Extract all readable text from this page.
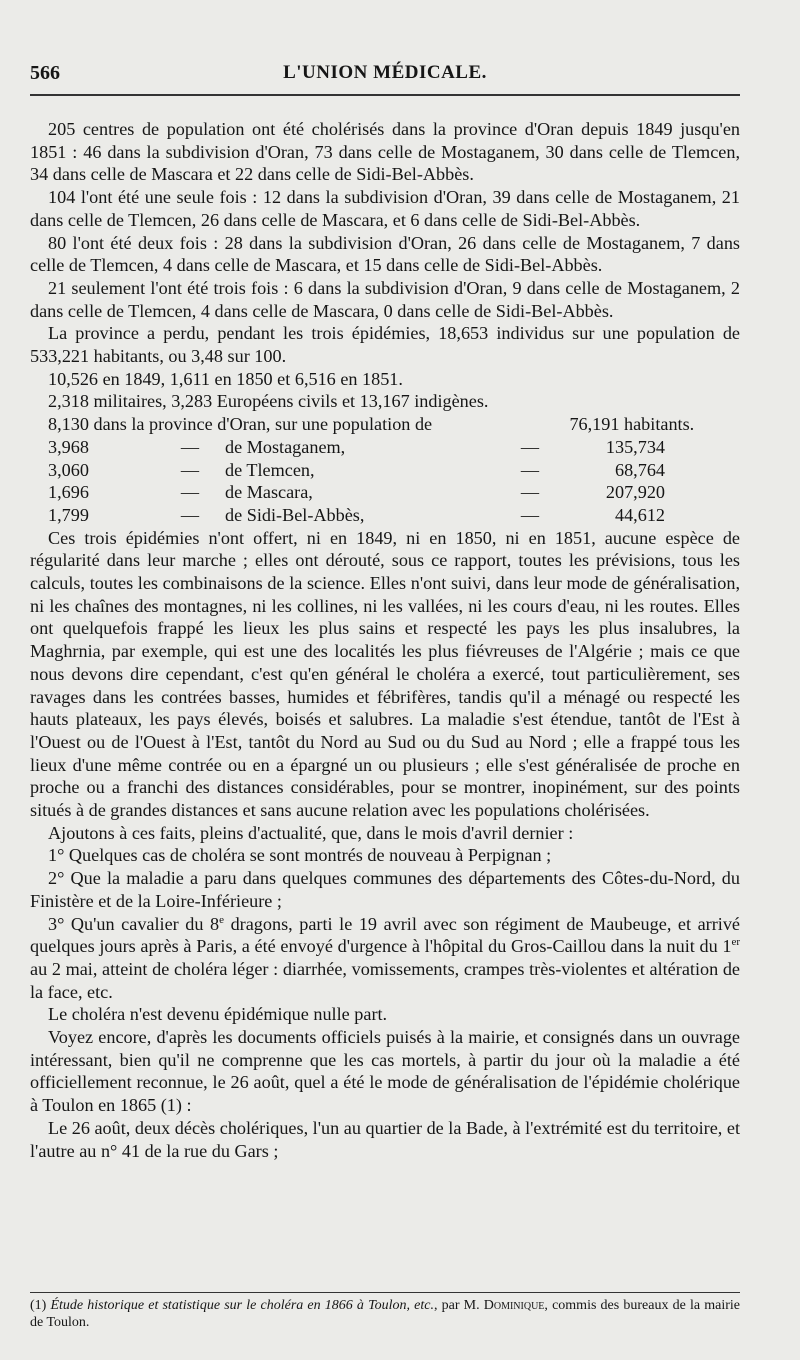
566	L'UNION MÉDICALE.

205 centres de population ont été cholérisés dans la province d'Oran depuis 1849 jusqu'en 1851 : 46 dans la subdivision d'Oran, 73 dans celle de Mostaganem, 30 dans celle de Tlemcen, 34 dans celle de Mascara et 22 dans celle de Sidi-Bel-Abbès.

104 l'ont été une seule fois : 12 dans la subdivision d'Oran, 39 dans celle de Mostaganem, 21 dans celle de Tlemcen, 26 dans celle de Mascara, et 6 dans celle de Sidi-Bel-Abbès.

80 l'ont été deux fois : 28 dans la subdivision d'Oran, 26 dans celle de Mostaganem, 7 dans celle de Tlemcen, 4 dans celle de Mascara, et 15 dans celle de Sidi-Bel-Abbès.

21 seulement l'ont été trois fois : 6 dans la subdivision d'Oran, 9 dans celle de Mostaganem, 2 dans celle de Tlemcen, 4 dans celle de Mascara, 0 dans celle de Sidi-Bel-Abbès.

La province a perdu, pendant les trois épidémies, 18,653 individus sur une population de 533,221 habitants, ou 3,48 sur 100.

10,526 en 1849, 1,611 en 1850 et 6,516 en 1851.

2,318 militaires, 3,283 Européens civils et 13,167 indigènes.

8,130 dans la province d'Oran, sur une population de	76,191 habitants.
3,968	—	de Mostaganem,	—	135,734
3,060	—	de Tlemcen,	—	68,764
1,696	—	de Mascara,	—	207,920
1,799	—	de Sidi-Bel-Abbès,	—	44,612

Ces trois épidémies n'ont offert, ni en 1849, ni en 1850, ni en 1851, aucune espèce de régularité dans leur marche ; elles ont dérouté, sous ce rapport, toutes les prévisions, tous les calculs, toutes les combinaisons de la science. Elles n'ont suivi, dans leur mode de généralisation, ni les chaînes des montagnes, ni les collines, ni les vallées, ni les cours d'eau, ni les routes. Elles ont quelquefois frappé les lieux les plus sains et respecté les pays les plus insalubres, la Maghrnia, par exemple, qui est une des localités les plus fiévreuses de l'Algérie ; mais ce que nous devons dire cependant, c'est qu'en général le choléra a exercé, tout particulièrement, ses ravages dans les contrées basses, humides et fébrifères, tandis qu'il a ménagé ou respecté les hauts plateaux, les pays élevés, boisés et salubres. La maladie s'est étendue, tantôt de l'Est à l'Ouest ou de l'Ouest à l'Est, tantôt du Nord au Sud ou du Sud au Nord ; elle a frappé tous les lieux d'une même contrée ou en a épargné un ou plusieurs ; elle s'est généralisée de proche en proche ou a franchi des distances considérables, pour se montrer, inopinément, sur des points situés à de grandes distances et sans aucune relation avec les populations cholérisées.

Ajoutons à ces faits, pleins d'actualité, que, dans le mois d'avril dernier :

1° Quelques cas de choléra se sont montrés de nouveau à Perpignan ;

2° Que la maladie a paru dans quelques communes des départements des Côtes-du-Nord, du Finistère et de la Loire-Inférieure ;

3° Qu'un cavalier du 8e dragons, parti le 19 avril avec son régiment de Maubeuge, et arrivé quelques jours après à Paris, a été envoyé d'urgence à l'hôpital du Gros-Caillou dans la nuit du 1er au 2 mai, atteint de choléra léger : diarrhée, vomissements, crampes très-violentes et altération de la face, etc.

Le choléra n'est devenu épidémique nulle part.

Voyez encore, d'après les documents officiels puisés à la mairie, et consignés dans un ouvrage intéressant, bien qu'il ne comprenne que les cas mortels, à partir du jour où la maladie a été officiellement reconnue, le 26 août, quel a été le mode de généralisation de l'épidémie cholérique à Toulon en 1865 (1) :

Le 26 août, deux décès cholériques, l'un au quartier de la Bade, à l'extrémité est du territoire, et l'autre au n° 41 de la rue du Gars ;

(1) Étude historique et statistique sur le choléra en 1866 à Toulon, etc., par M. Dominique, commis des bureaux de la mairie de Toulon.
